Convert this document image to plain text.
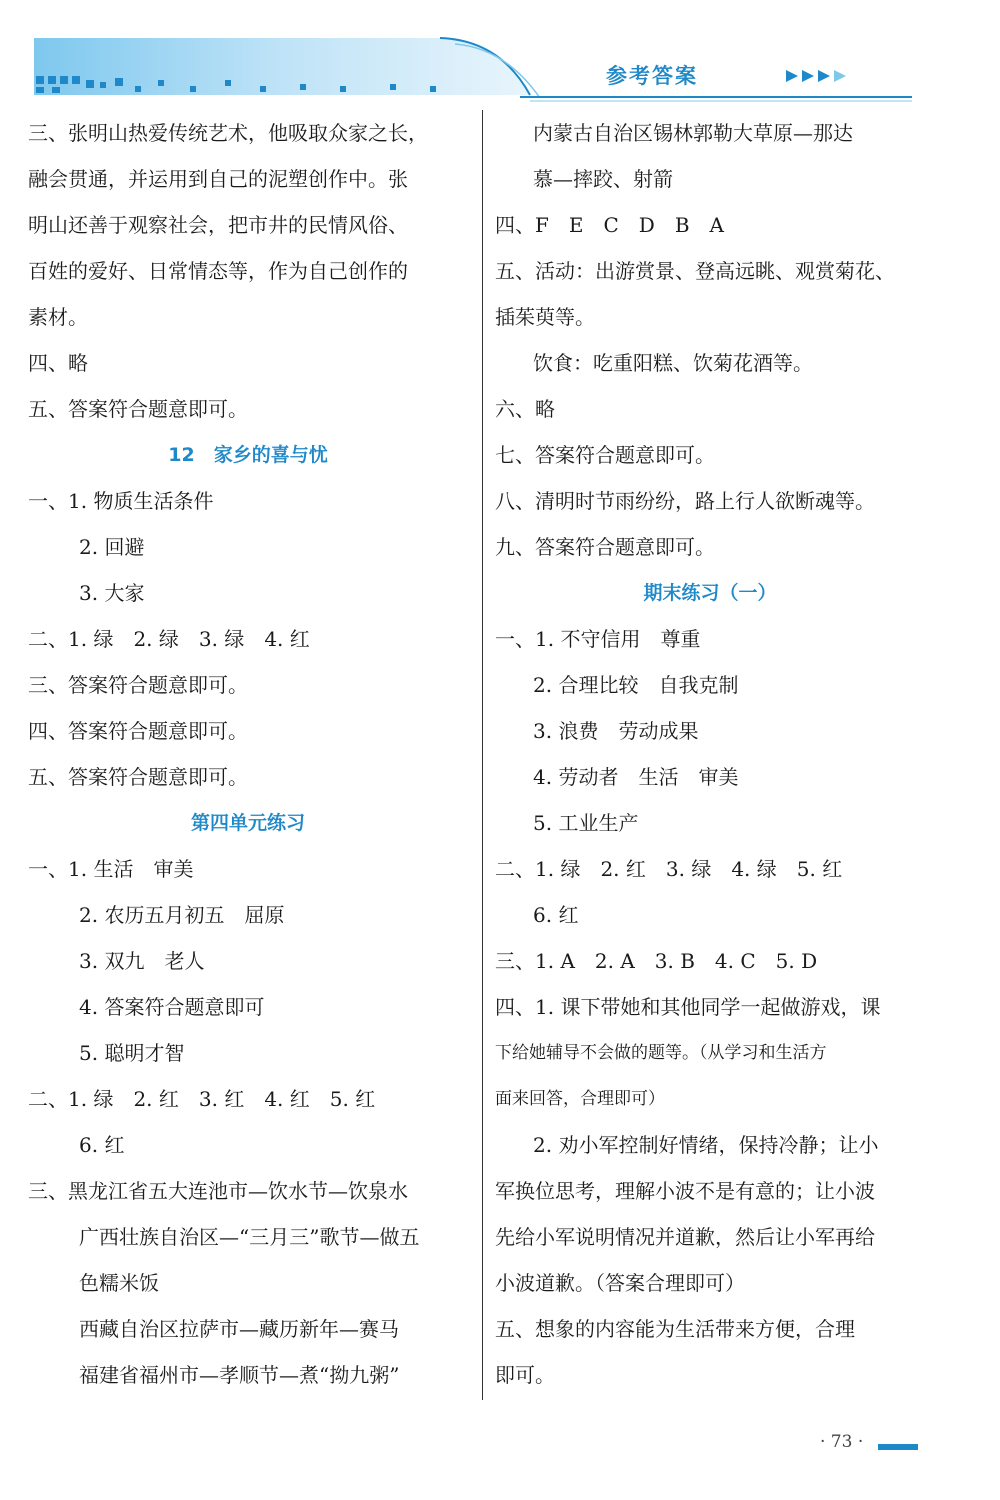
参考答案
三、张明山热爱传统艺术，他吸取众家之长，
融会贯通，并运用到自己的泥塑创作中。张
明山还善于观察社会，把市井的民情风俗、
百姓的爱好、日常情态等，作为自己创作的
素材。
四、略
五、答案符合题意即可。
12　家乡的喜与忧
一、1. 物质生活条件
2. 回避
3. 大家
二、1. 绿　2. 绿　3. 绿　4. 红
三、答案符合题意即可。
四、答案符合题意即可。
五、答案符合题意即可。
第四单元练习
一、1. 生活　审美
2. 农历五月初五　屈原
3. 双九　老人
4. 答案符合题意即可
5. 聪明才智
二、1. 绿　2. 红　3. 红　4. 红　5. 红
6. 红
三、黑龙江省五大连池市—饮水节—饮泉水
广西壮族自治区—“三月三”歌节—做五
色糯米饭
西藏自治区拉萨市—藏历新年—赛马
福建省福州市—孝顺节—煮“拗九粥”
内蒙古自治区锡林郭勒大草原—那达
慕—摔跤、射箭
四、F　E　C　D　B　A
五、活动：出游赏景、登高远眺、观赏菊花、
插茱萸等。
饮食：吃重阳糕、饮菊花酒等。
六、略
七、答案符合题意即可。
八、清明时节雨纷纷，路上行人欲断魂等。
九、答案符合题意即可。
期末练习（一）
一、1. 不守信用　尊重
2. 合理比较　自我克制
3. 浪费　劳动成果
4. 劳动者　生活　审美
5. 工业生产
二、1. 绿　2. 红　3. 绿　4. 绿　5. 红
6. 红
三、1. A　2. A　3. B　4. C　5. D
四、1. 课下带她和其他同学一起做游戏，课
下给她辅导不会做的题等。（从学习和生活方
面来回答，合理即可）
2. 劝小军控制好情绪，保持冷静；让小
军换位思考，理解小波不是有意的；让小波
先给小军说明情况并道歉，然后让小军再给
小波道歉。（答案合理即可）
五、想象的内容能为生活带来方便，合理
即可。
· 73 ·
